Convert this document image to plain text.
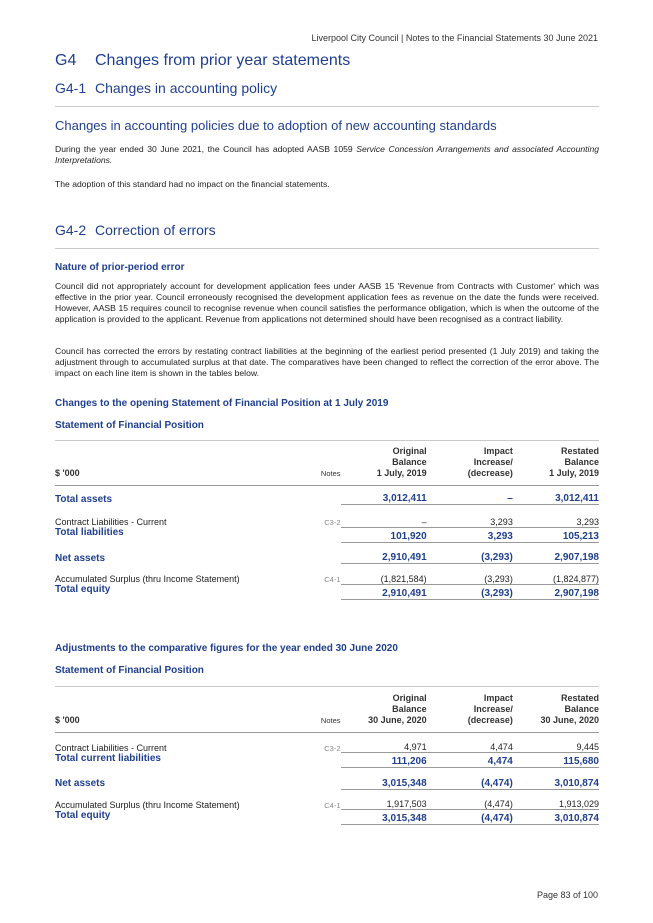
Liverpool City Council | Notes to the Financial Statements 30 June 2021
G4 Changes from prior year statements
G4-1 Changes in accounting policy
Changes in accounting policies due to adoption of new accounting standards
During the year ended 30 June 2021, the Council has adopted AASB 1059 Service Concession Arrangements and associated Accounting Interpretations.
The adoption of this standard had no impact on the financial statements.
G4-2 Correction of errors
Nature of prior-period error
Council did not appropriately account for development application fees under AASB 15 'Revenue from Contracts with Customer' which was effective in the prior year. Council erroneously recognised the development application fees as revenue on the date the funds were received. However, AASB 15 requires council to recognise revenue when council satisfies the performance obligation, which is when the outcome of the application is provided to the applicant. Revenue from applications not determined should have been recognised as a contract liability.
Council has corrected the errors by restating contract liabilities at the beginning of the earliest period presented (1 July 2019) and taking the adjustment through to accumulated surplus at that date. The comparatives have been changed to reflect the correction of the error above. The impact on each line item is shown in the tables below.
Changes to the opening Statement of Financial Position at 1 July 2019
Statement of Financial Position
$ '000	Notes	Original
Balance
1 July, 2019	Impact
Increase/
(decrease)	Restated
Balance
1 July, 2019

Total assets		3,012,411	–	3,012,411

Contract Liabilities - Current	C3-2	–	3,293	3,293
Total liabilities		101,920	3,293	105,213

Net assets		2,910,491	(3,293)	2,907,198

Accumulated Surplus (thru Income Statement)	C4-1	(1,821,584)	(3,293)	(1,824,877)
Total equity		2,910,491	(3,293)	2,907,198
Adjustments to the comparative figures for the year ended 30 June 2020
Statement of Financial Position
$ '000	Notes	Original
Balance
30 June, 2020	Impact
Increase/
(decrease)	Restated
Balance
30 June, 2020

Contract Liabilities - Current	C3-2	4,971	4,474	9,445
Total current liabilities		111,206	4,474	115,680

Net assets		3,015,348	(4,474)	3,010,874

Accumulated Surplus (thru Income Statement)	C4-1	1,917,503	(4,474)	1,913,029
Total equity		3,015,348	(4,474)	3,010,874
Page 83 of 100
